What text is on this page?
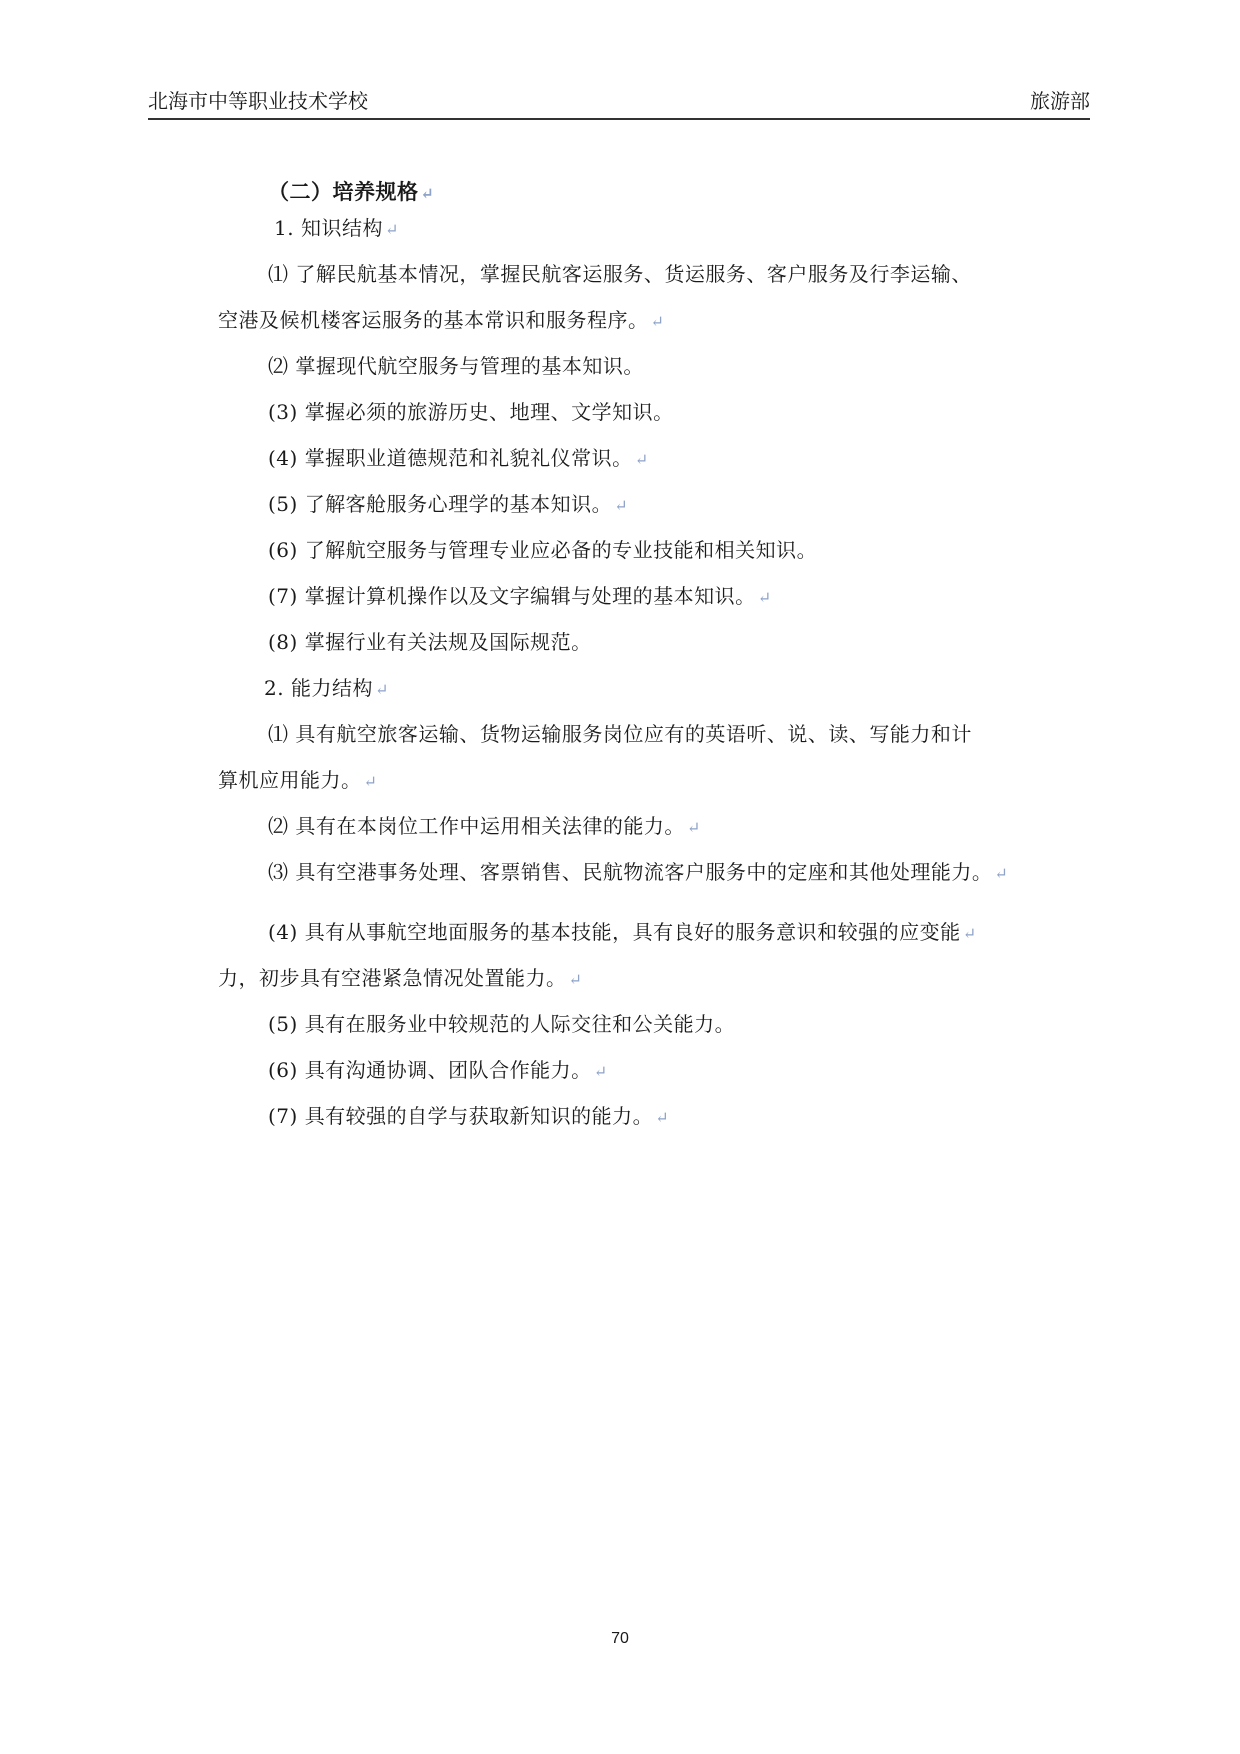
北海市中等职业技术学校	旅游部
（二）培养规格 ↵
1. 知识结构 ↵
⑴ 了解民航基本情况，掌握民航客运服务、货运服务、客户服务及行李运输、
空港及候机楼客运服务的基本常识和服务程序。 ↵
⑵ 掌握现代航空服务与管理的基本知识。
(3) 掌握必须的旅游历史、地理、文学知识。
(4) 掌握职业道德规范和礼貌礼仪常识。 ↵
(5) 了解客舱服务心理学的基本知识。 ↵
(6) 了解航空服务与管理专业应必备的专业技能和相关知识。
(7) 掌握计算机操作以及文字编辑与处理的基本知识。 ↵
(8) 掌握行业有关法规及国际规范。
2. 能力结构 ↵
⑴ 具有航空旅客运输、货物运输服务岗位应有的英语听、说、读、写能力和计
算机应用能力。 ↵
⑵ 具有在本岗位工作中运用相关法律的能力。 ↵
⑶ 具有空港事务处理、客票销售、民航物流客户服务中的定座和其他处理能力。 ↵
(4) 具有从事航空地面服务的基本技能，具有良好的服务意识和较强的应变能 ↵
力，初步具有空港紧急情况处置能力。 ↵
(5) 具有在服务业中较规范的人际交往和公关能力。
(6) 具有沟通协调、团队合作能力。 ↵
(7) 具有较强的自学与获取新知识的能力。 ↵
70
